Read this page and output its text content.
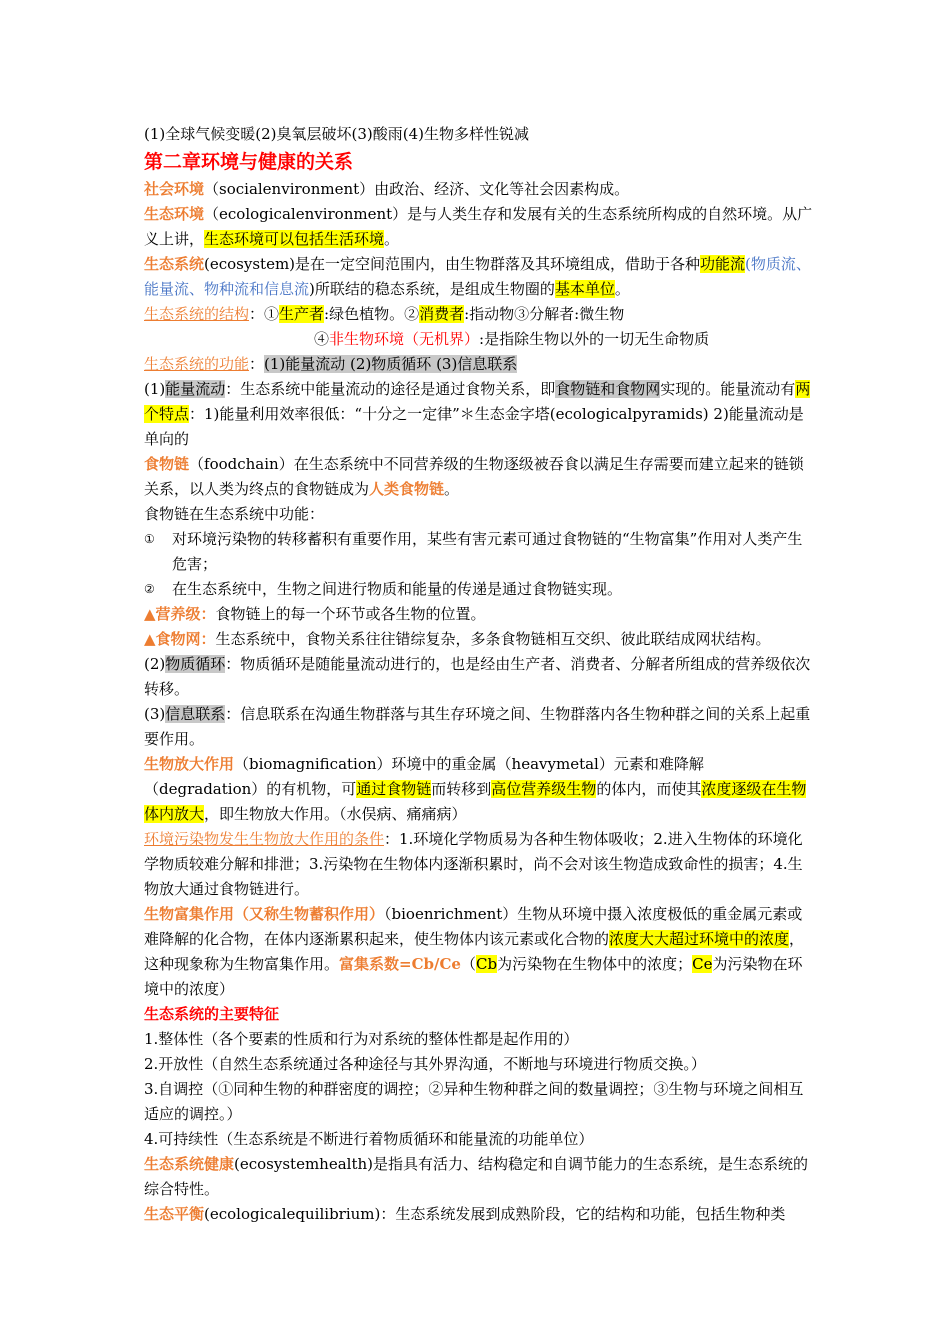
(1)全球气候变暖(2)臭氧层破坏(3)酸雨(4)生物多样性锐减

第二章环境与健康的关系

社会环境（socialenvironment）由政治、经济、文化等社会因素构成。

生态环境（ecologicalenvironment）是与人类生存和发展有关的生态系统所构成的自然环境。从广义上讲，生态环境可以包括生活环境。

生态系统(ecosystem)是在一定空间范围内，由生物群落及其环境组成，借助于各种功能流(物质流、能量流、物种流和信息流)所联结的稳态系统，是组成生物圈的基本单位。

生态系统的结构：①生产者:绿色植物。②消费者:指动物③分解者:微生物

④非生物环境（无机界）:是指除生物以外的一切无生命物质

生态系统的功能：(1)能量流动 (2)物质循环 (3)信息联系

(1)能量流动：生态系统中能量流动的途径是通过食物关系，即食物链和食物网实现的。能量流动有两个特点：1)能量利用效率很低：“十分之一定律”＊生态金字塔(ecologicalpyramids) 2)能量流动是单向的

食物链（foodchain）在生态系统中不同营养级的生物逐级被吞食以满足生存需要而建立起来的链锁关系，以人类为终点的食物链成为人类食物链。

食物链在生态系统中功能：

① 对环境污染物的转移蓄积有重要作用，某些有害元素可通过食物链的“生物富集”作用对人类产生危害；

② 在生态系统中，生物之间进行物质和能量的传递是通过食物链实现。

▲营养级：食物链上的每一个环节或各生物的位置。

▲食物网：生态系统中，食物关系往往错综复杂，多条食物链相互交织、彼此联结成网状结构。

(2)物质循环：物质循环是随能量流动进行的，也是经由生产者、消费者、分解者所组成的营养级依次转移。

(3)信息联系：信息联系在沟通生物群落与其生存环境之间、生物群落内各生物种群之间的关系上起重要作用。

生物放大作用（biomagnification）环境中的重金属（heavymetal）元素和难降解（degradation）的有机物，可通过食物链而转移到高位营养级生物的体内，而使其浓度逐级在生物体内放大，即生物放大作用。（水俣病、痛痛病）

环境污染物发生生物放大作用的条件：1.环境化学物质易为各种生物体吸收；2.进入生物体的环境化学物质较难分解和排泄；3.污染物在生物体内逐渐积累时，尚不会对该生物造成致命性的损害；4.生物放大通过食物链进行。

生物富集作用（又称生物蓄积作用）（bioenrichment）生物从环境中摄入浓度极低的重金属元素或难降解的化合物，在体内逐渐累积起来，使生物体内该元素或化合物的浓度大大超过环境中的浓度，这种现象称为生物富集作用。富集系数=Cb/Ce（Cb为污染物在生物体中的浓度；Ce为污染物在环境中的浓度）

生态系统的主要特征

1.整体性（各个要素的性质和行为对系统的整体性都是起作用的）

2.开放性（自然生态系统通过各种途径与其外界沟通，不断地与环境进行物质交换。）

3.自调控（①同种生物的种群密度的调控；②异种生物种群之间的数量调控；③生物与环境之间相互适应的调控。）

4.可持续性（生态系统是不断进行着物质循环和能量流的功能单位）

生态系统健康(ecosystemhealth)是指具有活力、结构稳定和自调节能力的生态系统，是生态系统的综合特性。

生态平衡(ecologicalequilibrium)：生态系统发展到成熟阶段，它的结构和功能，包括生物种类
